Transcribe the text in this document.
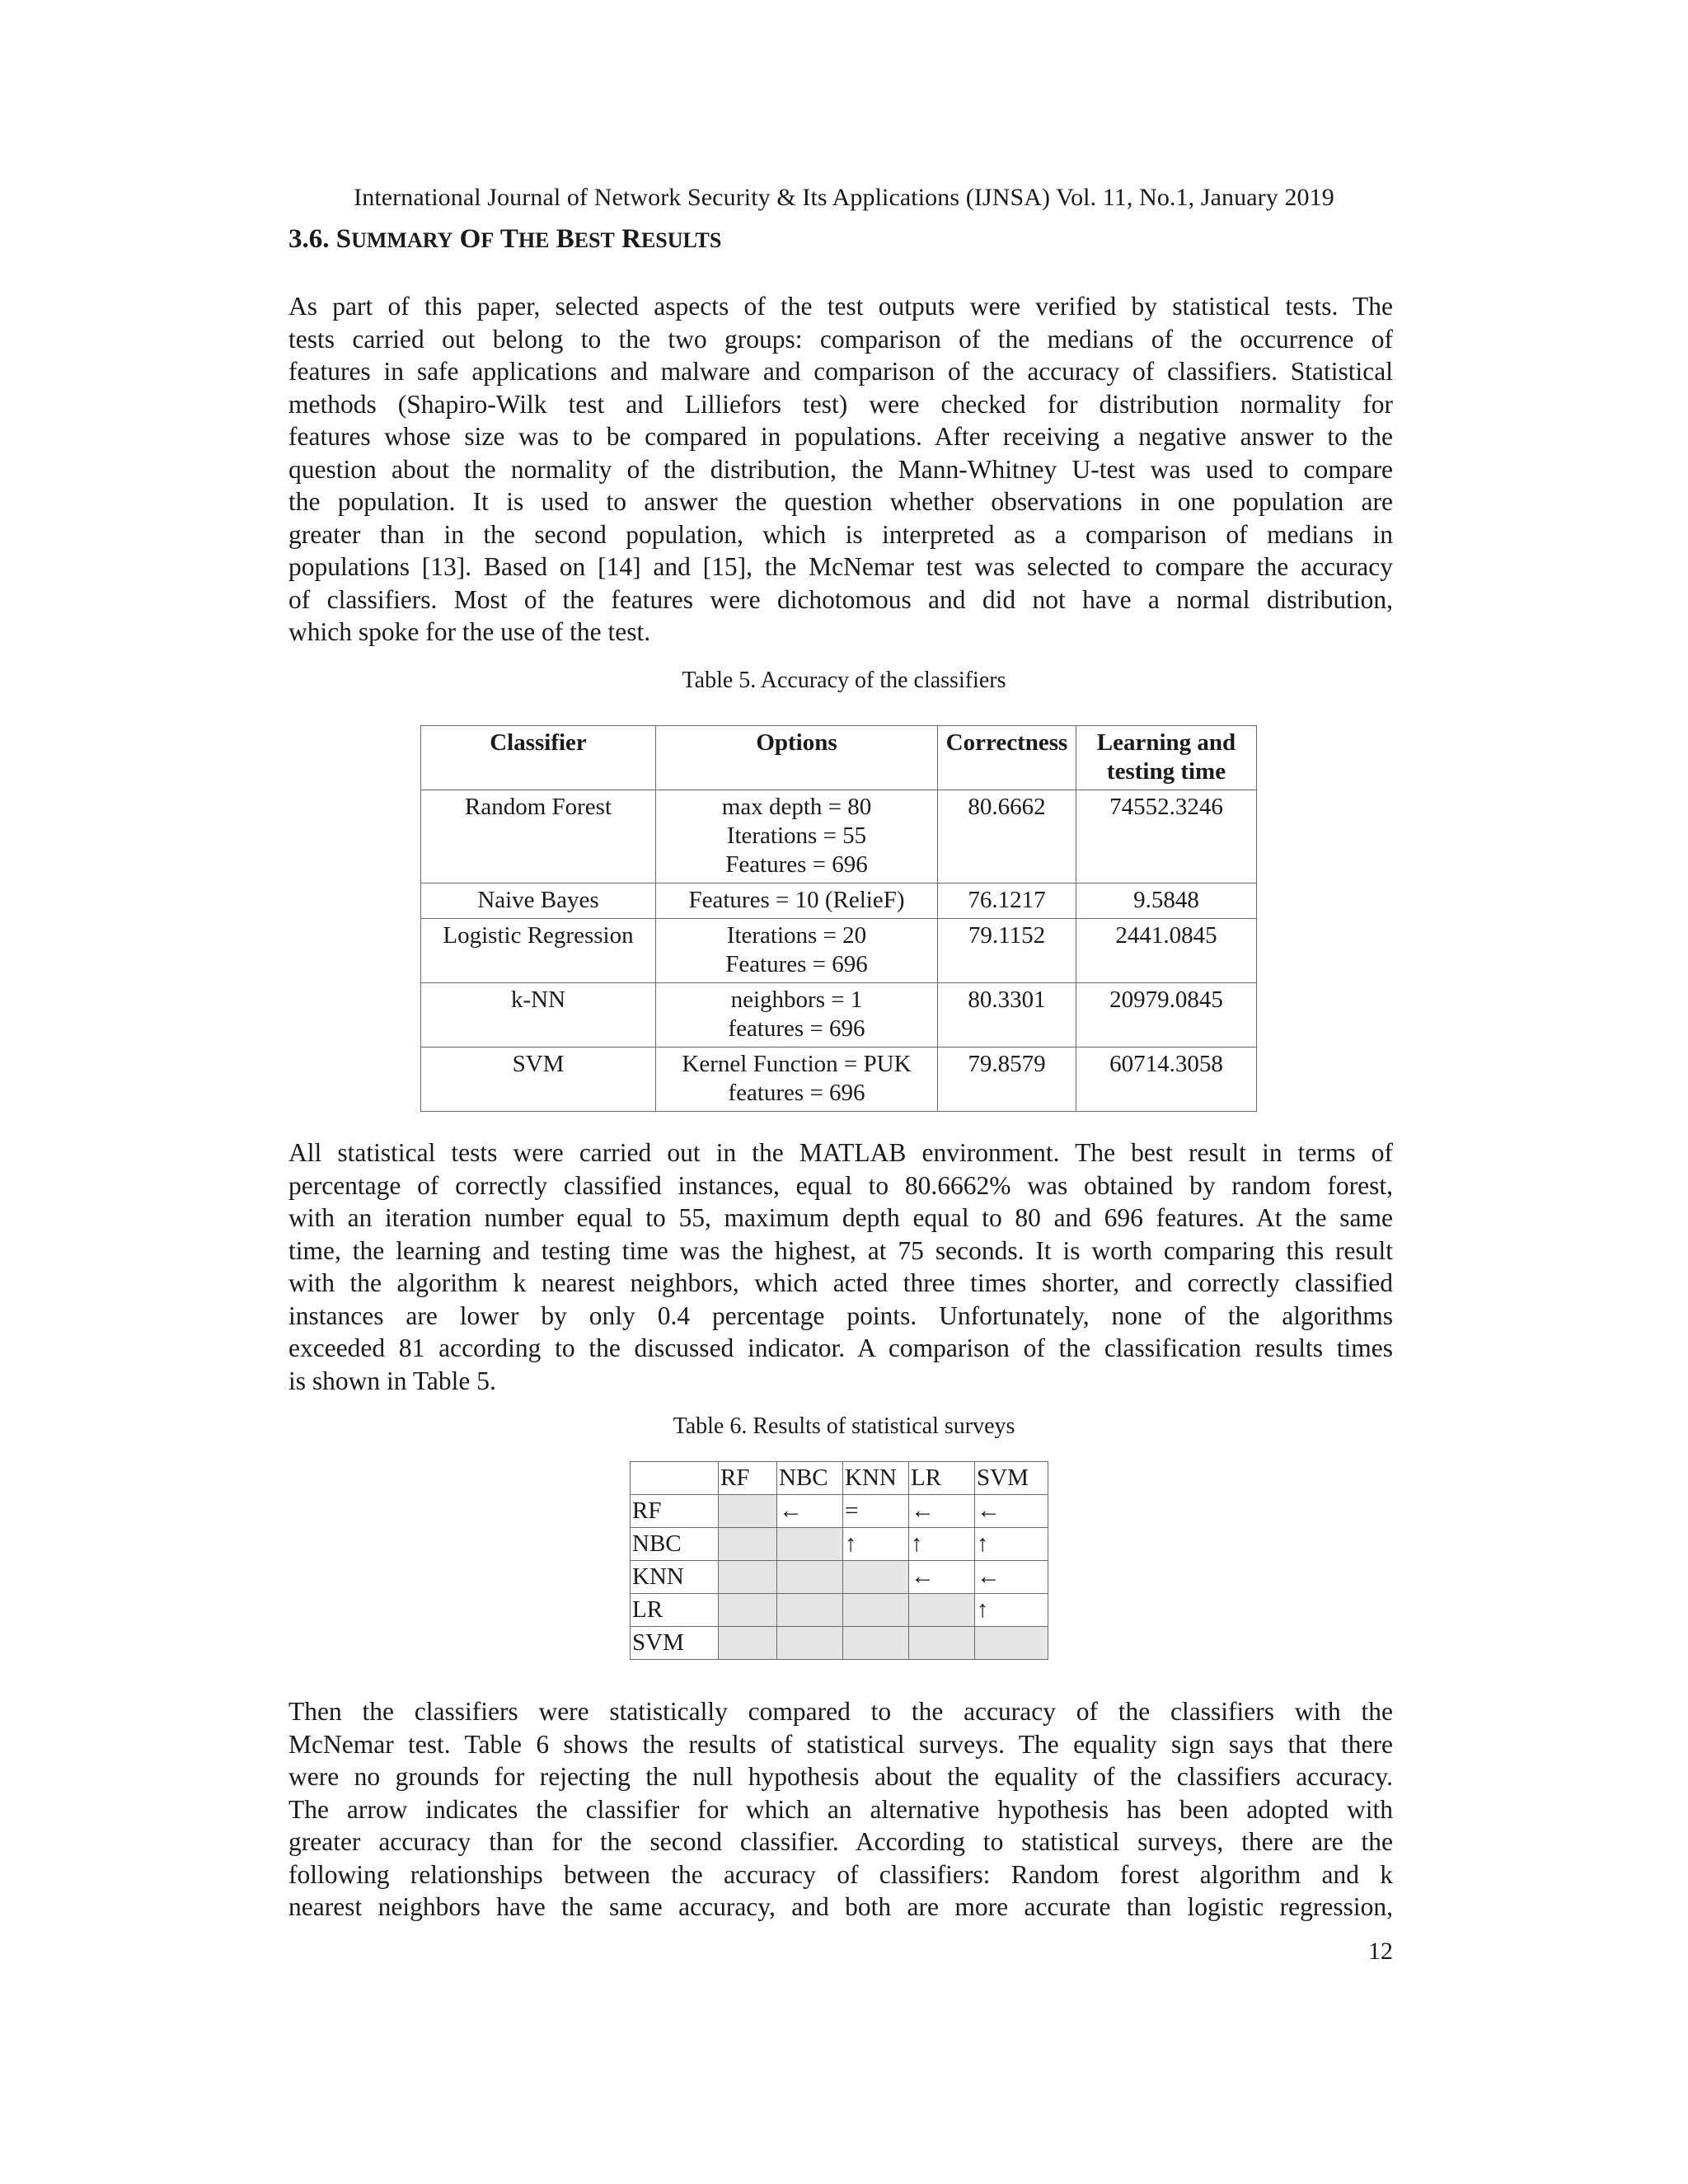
International Journal of Network Security & Its Applications (IJNSA) Vol. 11, No.1, January 2019
3.6. SUMMARY OF THE BEST RESULTS
As part of this paper, selected aspects of the test outputs were verified by statistical tests. The
tests carried out belong to the two groups: comparison of the medians of the occurrence of
features in safe applications and malware and comparison of the accuracy of classifiers. Statistical
methods (Shapiro-Wilk test and Lilliefors test) were checked for distribution normality for
features whose size was to be compared in populations. After receiving a negative answer to the
question about the normality of the distribution, the Mann-Whitney U-test was used to compare
the population. It is used to answer the question whether observations in one population are
greater than in the second population, which is interpreted as a comparison of medians in
populations [13]. Based on [14] and [15], the McNemar test was selected to compare the accuracy
of classifiers. Most of the features were dichotomous and did not have a normal distribution,
which spoke for the use of the test.
Table 5. Accuracy of the classifiers
Classifier	Options	Correctness	Learning and testing time
Random Forest	max depth = 80
Iterations = 55
Features = 696	80.6662	74552.3246
Naive Bayes	Features = 10 (RelieF)	76.1217	9.5848
Logistic Regression	Iterations = 20
Features = 696	79.1152	2441.0845
k-NN	neighbors = 1
features = 696	80.3301	20979.0845
SVM	Kernel Function = PUK
features = 696	79.8579	60714.3058
All statistical tests were carried out in the MATLAB environment. The best result in terms of
percentage of correctly classified instances, equal to 80.6662% was obtained by random forest,
with an iteration number equal to 55, maximum depth equal to 80 and 696 features. At the same
time, the learning and testing time was the highest, at 75 seconds. It is worth comparing this result
with the algorithm k nearest neighbors, which acted three times shorter, and correctly classified
instances are lower by only 0.4 percentage points. Unfortunately, none of the algorithms
exceeded 81 according to the discussed indicator. A comparison of the classification results times
is shown in Table 5.
Table 6. Results of statistical surveys
	RF	NBC	KNN	LR	SVM
RF		←	=	←	←
NBC			↑	↑	↑
KNN				←	←
LR					↑
SVM					
Then the classifiers were statistically compared to the accuracy of the classifiers with the
McNemar test. Table 6 shows the results of statistical surveys. The equality sign says that there
were no grounds for rejecting the null hypothesis about the equality of the classifiers accuracy.
The arrow indicates the classifier for which an alternative hypothesis has been adopted with
greater accuracy than for the second classifier. According to statistical surveys, there are the
following relationships between the accuracy of classifiers: Random forest algorithm and k
nearest neighbors have the same accuracy, and both are more accurate than logistic regression,
12
